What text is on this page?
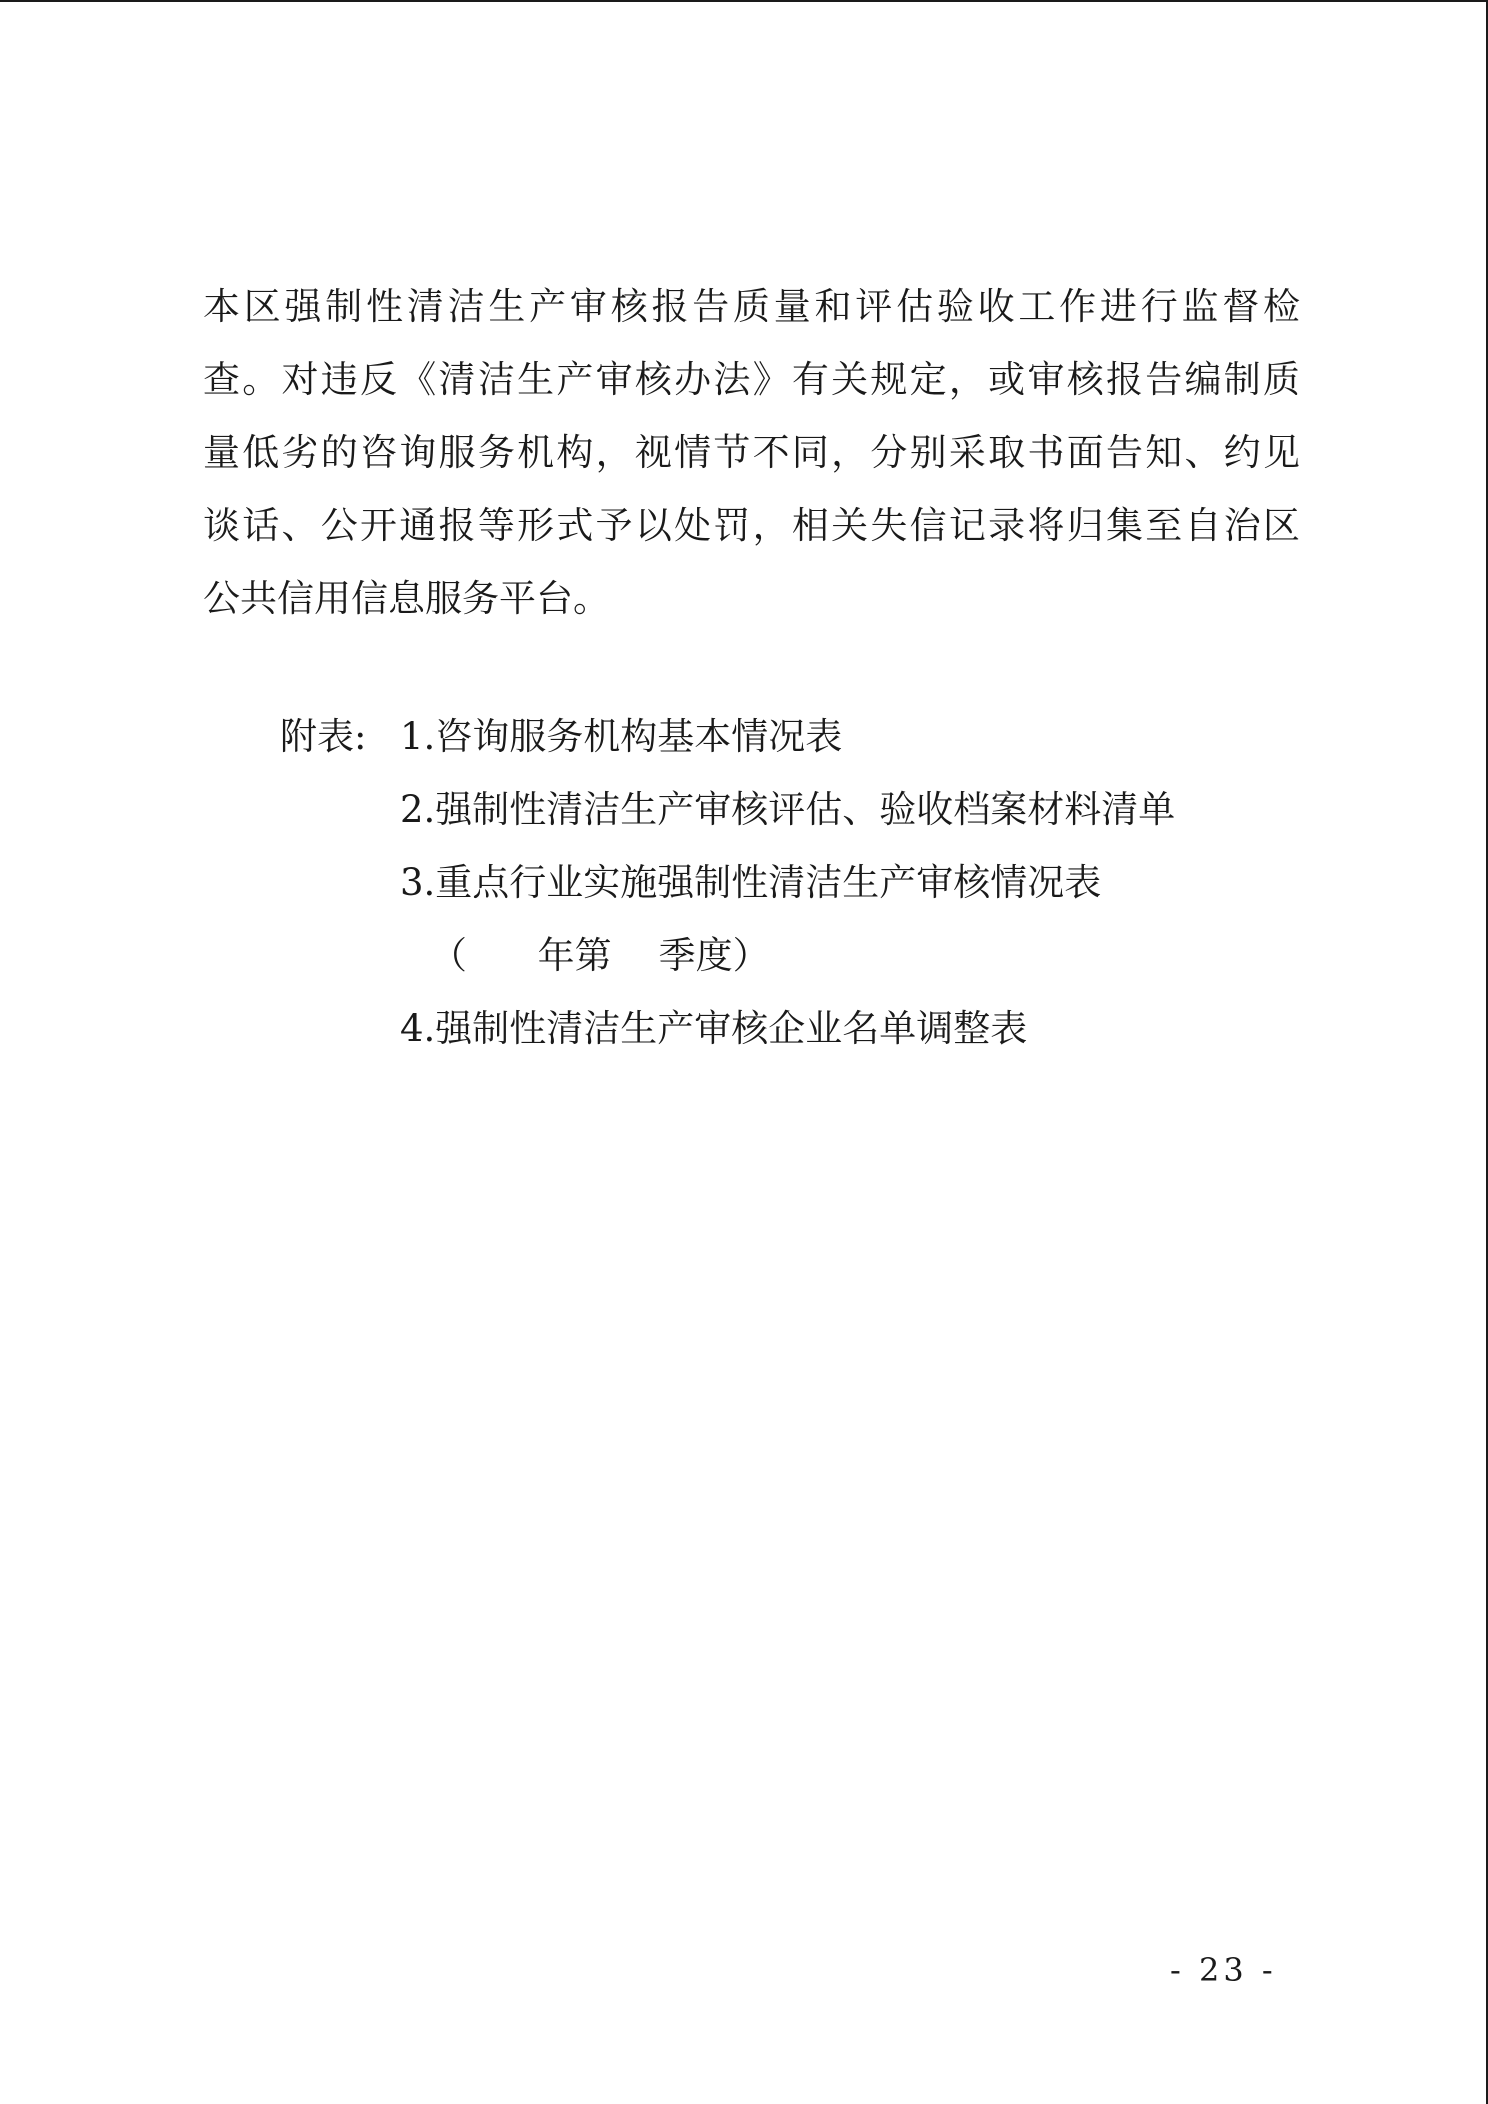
本区强制性清洁生产审核报告质量和评估验收工作进行监督检
查。对违反《清洁生产审核办法》有关规定，或审核报告编制质
量低劣的咨询服务机构，视情节不同，分别采取书面告知、约见
谈话、公开通报等形式予以处罚，相关失信记录将归集至自治区
公共信用信息服务平台。
附表: 1.咨询服务机构基本情况表
2.强制性清洁生产审核评估、验收档案材料清单
3.重点行业实施强制性清洁生产审核情况表
（      年第    季度）
4.强制性清洁生产审核企业名单调整表
- 23 -
